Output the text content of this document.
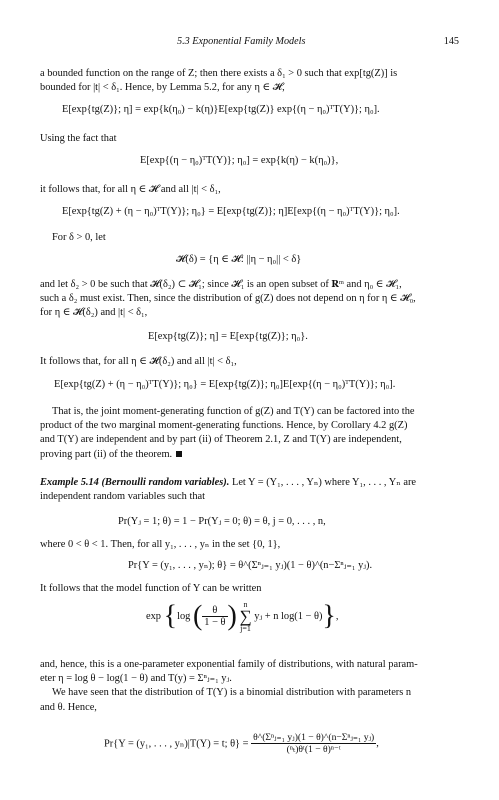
5.3 Exponential Family Models	145

a bounded function on the range of Z; then there exists a δ₁ > 0 such that exp[tg(Z)] is

bounded for |t| < δ₁. Hence, by Lemma 5.2, for any η ∈ 𝓗,

E[exp{tg(Z)}; η] = exp{k(η₀) − k(η)}E[exp{tg(Z)} exp{(η − η₀)ᵀT(Y)}; η₀].

Using the fact that

E[exp{(η − η₀)ᵀT(Y)}; η₀] = exp{k(η) − k(η₀)},

it follows that, for all η ∈ 𝓗 and all |t| < δ₁,

E[exp{tg(Z) + (η − η₀)ᵀT(Y)}; η₀} = E[exp{tg(Z)}; η]E[exp{(η − η₀)ᵀT(Y)}; η₀].

For δ > 0, let

𝓗(δ) = {η ∈ 𝓗: ||η − η₀|| < δ}

and let δ₂ > 0 be such that 𝓗(δ₂) ⊂ 𝓗₁; since 𝓗₁ is an open subset of 𝐑ᵐ and η₀ ∈ 𝓗₁,

such a δ₂ must exist. Then, since the distribution of g(Z) does not depend on η for η ∈ 𝓗₀,

for η ∈ 𝓗(δ₂) and |t| < δ₁,

E[exp{tg(Z)}; η] = E[exp{tg(Z)}; η₀}.

It follows that, for all η ∈ 𝓗(δ₂) and all |t| < δ₁,

E[exp{tg(Z) + (η − η₀)ᵀT(Y)}; η₀} = E[exp{tg(Z)}; η₀]E[exp{(η − η₀)ᵀT(Y)}; η₀].

That is, the joint moment-generating function of g(Z) and T(Y) can be factored into the

product of the two marginal moment-generating functions. Hence, by Corollary 4.2 g(Z)

and T(Y) are independent and by part (ii) of Theorem 2.1, Z and T(Y) are independent,

proving part (ii) of the theorem.

Example 5.14 (Bernoulli random variables). Let Y = (Y₁, . . . , Yₙ) where Y₁, . . . , Yₙ are

independent random variables such that

Pr(Yⱼ = 1; θ) = 1 − Pr(Yⱼ = 0; θ) = θ, j = 0, . . . , n,

where 0 < θ < 1. Then, for all y₁, . . . , yₙ in the set {0, 1},

Pr{Y = (y₁, . . . , yₙ); θ} = θ^(Σⁿⱼ₌₁ yⱼ)(1 − θ)^(n−Σⁿⱼ₌₁ yⱼ).

It follows that the model function of Y can be written

exp {log ( $\frac{\theta}{1 - \theta}$ ) n
∑
j=1 yⱼ + n log(1 − θ)},

and, hence, this is a one-parameter exponential family of distributions, with natural param-

eter η = log θ − log(1 − θ) and T(y) = Σⁿⱼ₌₁ yⱼ.

We have seen that the distribution of T(Y) is a binomial distribution with parameters n

and θ. Hence,

Pr{Y = (y₁, . . . , yₙ)|T(Y) = t; $\theta\} = \frac{\text{θ\textasciicircum{}(Σⁿⱼ₌₁ yⱼ)(1 − θ)\textasciicircum{}(n−Σⁿⱼ₌₁ yⱼ)}}{\text{(ⁿₜ)θᵗ(1 − θ)ⁿ⁻ᵗ}}$ ,
